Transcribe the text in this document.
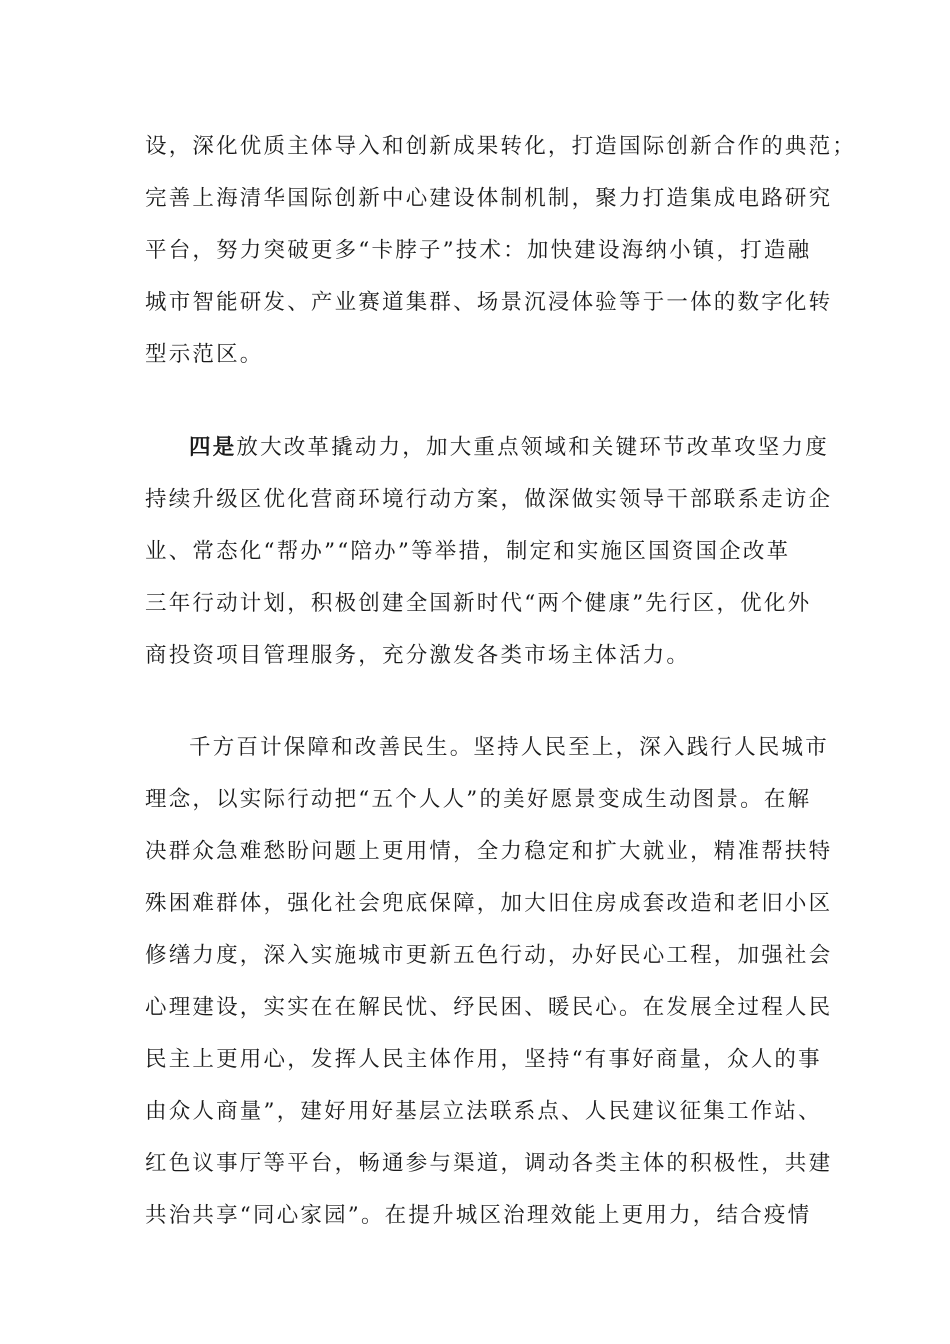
设，深化优质主体导入和创新成果转化，打造国际创新合作的典范；
完善上海清华国际创新中心建设体制机制，聚力打造集成电路研究
平台，努力突破更多“卡脖子”技术：加快建设海纳小镇，打造融
城市智能研发、产业赛道集群、场景沉浸体验等于一体的数字化转
型示范区。
四是放大改革撬动力，加大重点领域和关键环节改革攻坚力度
持续升级区优化营商环境行动方案，做深做实领导干部联系走访企
业、常态化“帮办”“陪办”等举措，制定和实施区国资国企改革
三年行动计划，积极创建全国新时代“两个健康”先行区，优化外
商投资项目管理服务，充分激发各类市场主体活力。
千方百计保障和改善民生。坚持人民至上，深入践行人民城市
理念，以实际行动把“五个人人”的美好愿景变成生动图景。在解
决群众急难愁盼问题上更用情，全力稳定和扩大就业，精准帮扶特
殊困难群体，强化社会兜底保障，加大旧住房成套改造和老旧小区
修缮力度，深入实施城市更新五色行动，办好民心工程，加强社会
心理建设，实实在在解民忧、纾民困、暖民心。在发展全过程人民
民主上更用心，发挥人民主体作用，坚持“有事好商量，众人的事
由众人商量”，建好用好基层立法联系点、人民建议征集工作站、
红色议事厅等平台，畅通参与渠道，调动各类主体的积极性，共建
共治共享“同心家园”。在提升城区治理效能上更用力，结合疫情
